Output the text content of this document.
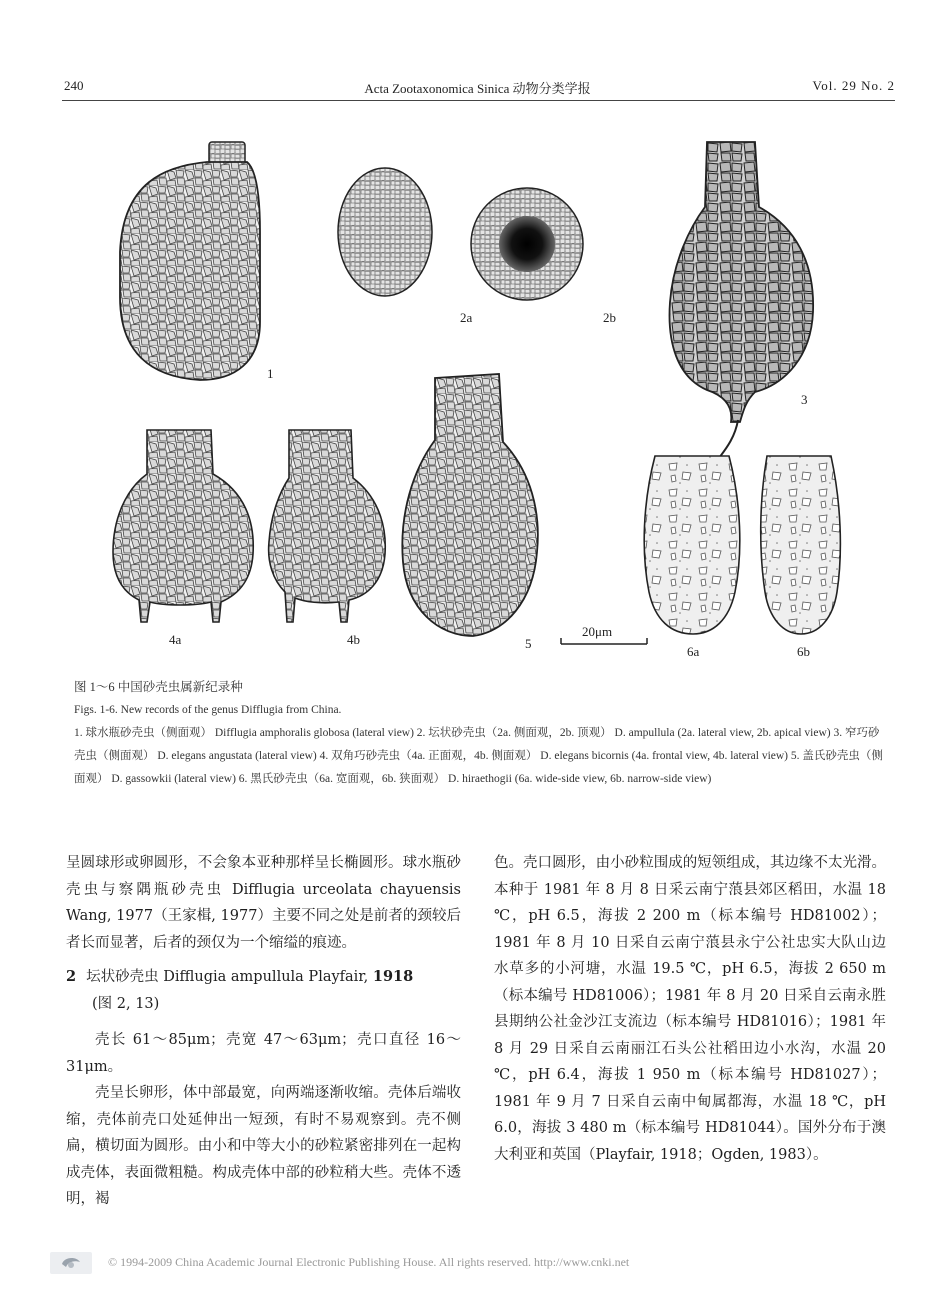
240	Acta Zootaxonomica Sinica 动物分类学报	Vol. 29 No. 2
1
2a	2b
3
4a	4b	5
20μm
6a	6b

图 1～6 中国砂壳虫属新纪录种

Figs. 1-6. New records of the genus Difflugia from China.

1. 球水瓶砂壳虫（侧面观） Difflugia amphoralis globosa (lateral view) 2. 坛状砂壳虫（2a. 侧面观，2b. 顶观） D. ampullula (2a. lateral view, 2b. apical view) 3. 窄巧砂壳虫（侧面观） D. elegans angustata (lateral view) 4. 双角巧砂壳虫（4a. 正面观，4b. 侧面观） D. elegans bicornis (4a. frontal view, 4b. lateral view) 5. 盖氏砂壳虫（侧面观） D. gassowkii (lateral view) 6. 黑氏砂壳虫（6a. 宽面观，6b. 狭面观） D. hiraethogii (6a. wide-side view, 6b. narrow-side view)

呈圆球形或卵圆形，不会象本亚种那样呈长椭圆形。球水瓶砂壳虫与察隅瓶砂壳虫 Difflugia urceolata chayuensis Wang, 1977（王家楫, 1977）主要不同之处是前者的颈较后者长而显著，后者的颈仅为一个缩缢的痕迹。

2 坛状砂壳虫 Difflugia ampullula Playfair, 1918
(图 2, 13)

壳长 61～85μm；壳宽 47～63μm；壳口直径 16～31μm。

壳呈长卵形，体中部最宽，向两端逐渐收缩。壳体后端收缩，壳体前壳口处延伸出一短颈，有时不易观察到。壳不侧扁，横切面为圆形。由小和中等大小的砂粒紧密排列在一起构成壳体，表面微粗糙。构成壳体中部的砂粒稍大些。壳体不透明，褐

色。壳口圆形，由小砂粒围成的短领组成，其边缘不太光滑。本种于 1981 年 8 月 8 日采云南宁蒗县郊区稻田，水温 18 ℃，pH 6.5，海拔 2 200 m（标本编号 HD81002）；1981 年 8 月 10 日采自云南宁蒗县永宁公社忠实大队山边水草多的小河塘，水温 19.5 ℃，pH 6.5，海拔 2 650 m（标本编号 HD81006）；1981 年 8 月 20 日采自云南永胜县期纳公社金沙江支流边（标本编号 HD81016）；1981 年 8 月 29 日采自云南丽江石头公社稻田边小水沟，水温 20 ℃，pH 6.4，海拔 1 950 m（标本编号 HD81027）；1981 年 9 月 7 日采自云南中甸属都海，水温 18 ℃，pH 6.0，海拔 3 480 m（标本编号 HD81044）。国外分布于澳大利亚和英国（Playfair, 1918；Ogden, 1983）。

© 1994-2009 China Academic Journal Electronic Publishing House. All rights reserved. http://www.cnki.net
